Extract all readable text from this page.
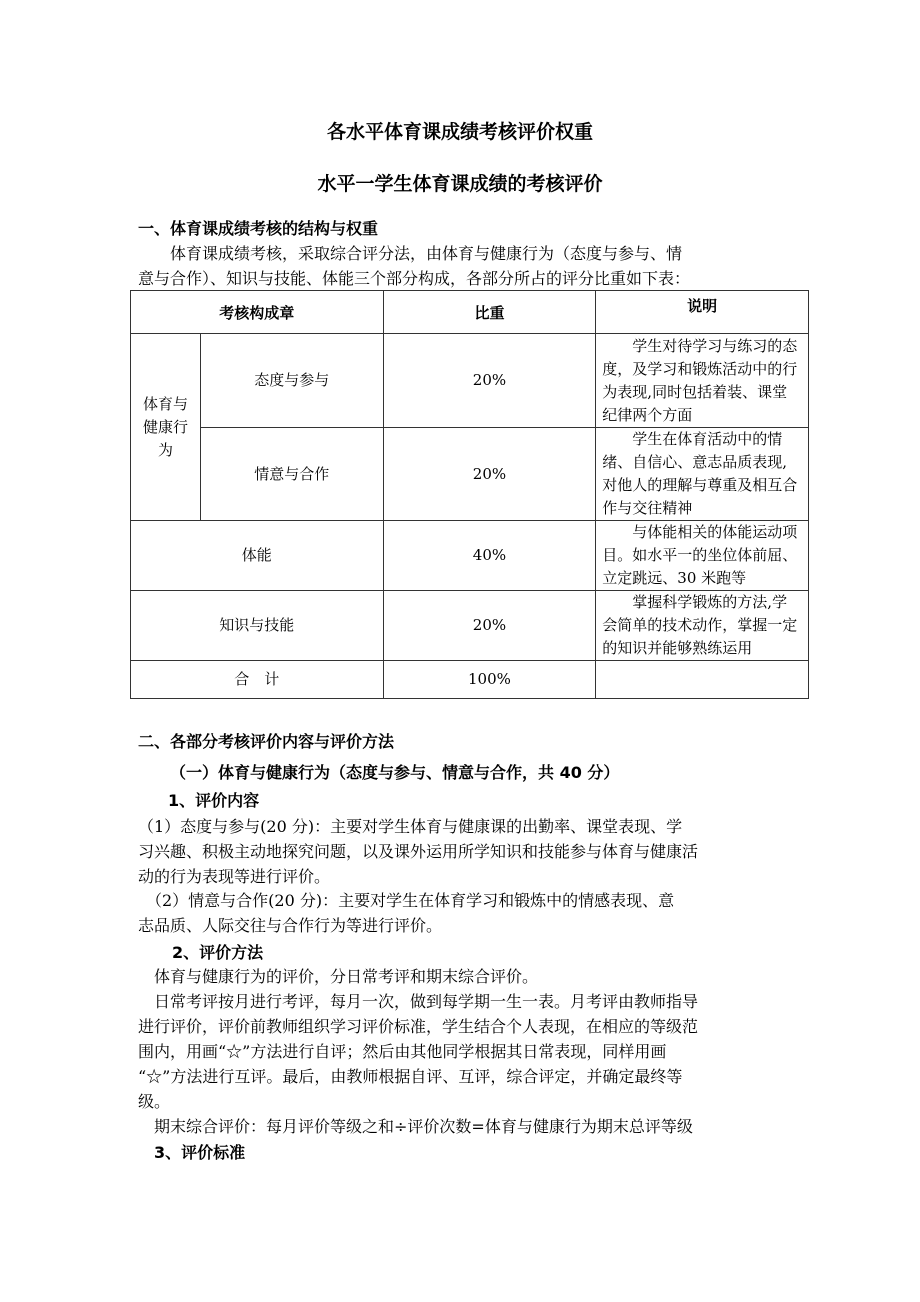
各水平体育课成绩考核评价权重
水平一学生体育课成绩的考核评价
一、体育课成绩考核的结构与权重
　　体育课成绩考核，采取综合评分法，由体育与健康行为（态度与参与、情
意与合作）、知识与技能、体能三个部分构成，各部分所占的评分比重如下表：
考核构成章		比重	说明
体育与健康行为	态度与参与	20%	　　学生对待学习与练习的态度，及学习和锻炼活动中的行为表现,同时包括着装、课堂纪律两个方面
	情意与合作	20%	　　学生在体育活动中的情绪、自信心、意志品质表现,对他人的理解与尊重及相互合作与交往精神
体能		40%	　　与体能相关的体能运动项目。如水平一的坐位体前屈、立定跳远、30 米跑等
知识与技能		20%	　　掌握科学锻炼的方法,学会简单的技术动作，掌握一定的知识并能够熟练运用
合　计		100%	
二、各部分考核评价内容与评价方法
（一）体育与健康行为（态度与参与、情意与合作，共 40 分）
1、评价内容
（1）态度与参与(20 分)：主要对学生体育与健康课的出勤率、课堂表现、学
习兴趣、积极主动地探究问题，以及课外运用所学知识和技能参与体育与健康活
动的行为表现等进行评价。
　（2）情意与合作(20 分)：主要对学生在体育学习和锻炼中的情感表现、意
志品质、人际交往与合作行为等进行评价。
2、评价方法
　体育与健康行为的评价，分日常考评和期末综合评价。
　日常考评按月进行考评，每月一次，做到每学期一生一表。月考评由教师指导
进行评价，评价前教师组织学习评价标准，学生结合个人表现，在相应的等级范
围内，用画“☆”方法进行自评；然后由其他同学根据其日常表现，同样用画
“☆”方法进行互评。最后，由教师根据自评、互评，综合评定，并确定最终等
级。
　期末综合评价：每月评价等级之和÷评价次数=体育与健康行为期末总评等级
3、评价标准
